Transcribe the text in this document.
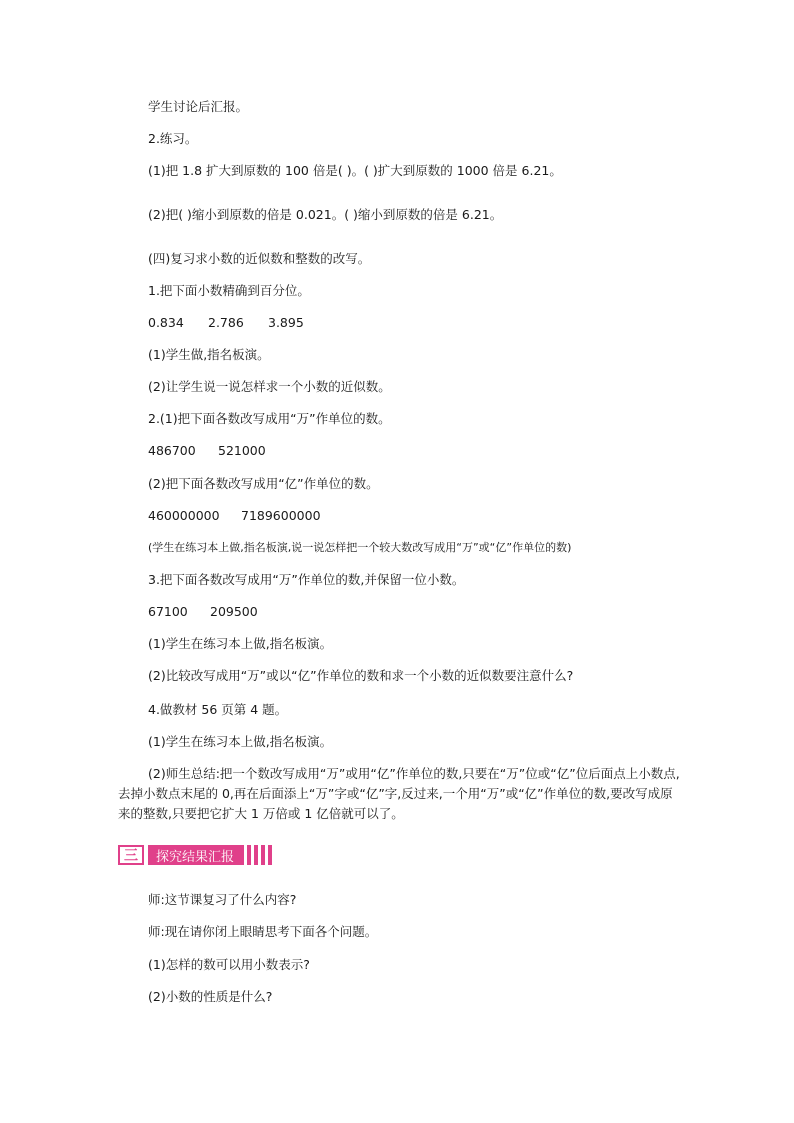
学生讨论后汇报。

2.练习。

(1)把 1.8 扩大到原数的 100 倍是( )。( )扩大到原数的 1000 倍是 6.21。

(2)把( )缩小到原数的倍是 0.021。( )缩小到原数的倍是 6.21。

(四)复习求小数的近似数和整数的改写。

1.把下面小数精确到百分位。

0.834 2.786 3.895

(1)学生做,指名板演。

(2)让学生说一说怎样求一个小数的近似数。

2.(1)把下面各数改写成用“万”作单位的数。

486700 521000

(2)把下面各数改写成用“亿”作单位的数。

460000000 7189600000

(学生在练习本上做,指名板演,说一说怎样把一个较大数改写成用“万”或“亿”作单位的数)

3.把下面各数改写成用“万”作单位的数,并保留一位小数。

67100 209500

(1)学生在练习本上做,指名板演。

(2)比较改写成用“万”或以“亿”作单位的数和求一个小数的近似数要注意什么?

4.做教材 56 页第 4 题。

(1)学生在练习本上做,指名板演。

(2)师生总结:把一个数改写成用“万”或用“亿”作单位的数,只要在“万”位或“亿”位后面点上小数点,去掉小数点末尾的 0,再在后面添上“万”字或“亿”字,反过来,一个用“万”或“亿”作单位的数,要改写成原来的整数,只要把它扩大 1 万倍或 1 亿倍就可以了。

三	探究结果汇报

师:这节课复习了什么内容?

师:现在请你闭上眼睛思考下面各个问题。

(1)怎样的数可以用小数表示?

(2)小数的性质是什么?
